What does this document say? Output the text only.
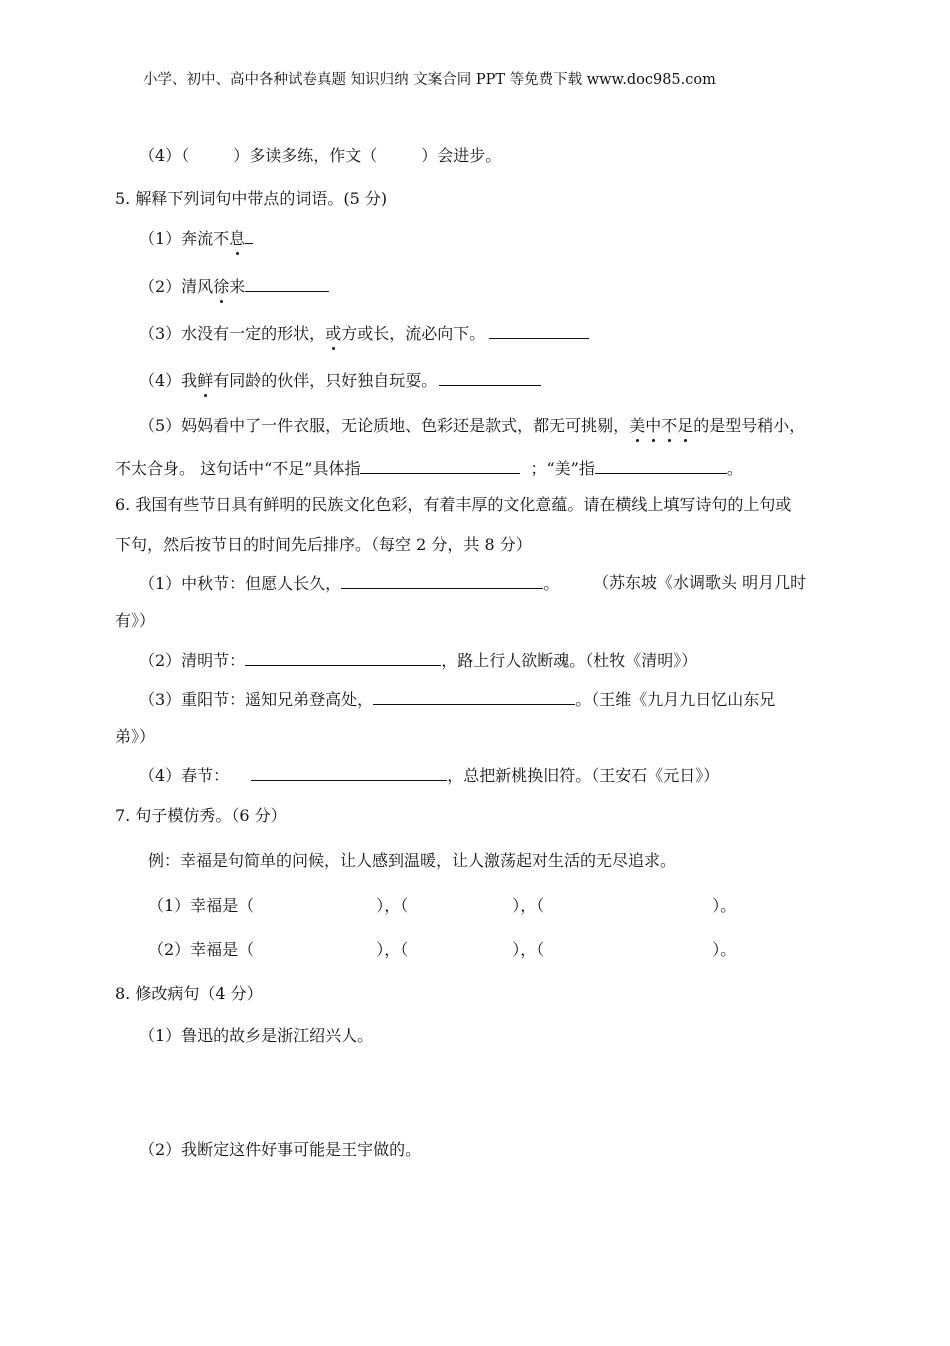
小学、初中、高中各种试卷真题 知识归纳 文案合同 PPT 等免费下载 www.doc985.com
（4）（	）多读多练，作文（	）会进步。
5. 解释下列词句中带点的词语。(5 分)
（1）奔流不息
（2）清风徐来
（3）水没有一定的形状，或方或长，流必向下。
（4）我鲜有同龄的伙伴，只好独自玩耍。
（5）妈妈看中了一件衣服，无论质地、色彩还是款式，都无可挑剔，美中不足的是型号稍小，
不太合身。 这句话中“不足”具体指	；“美”指	。
6. 我国有些节日具有鲜明的民族文化色彩，有着丰厚的文化意蕴。请在横线上填写诗句的上句或
下句，然后按节日的时间先后排序。（每空 2 分，共 8 分）
（1）中秋节：但愿人长久，	。 （苏东坡《水调歌头 明月几时
有》）
（2）清明节：	，路上行人欲断魂。（杜牧《清明》）
（3）重阳节：遥知兄弟登高处，	。（王维《九月九日忆山东兄
弟》）
（4）春节：	，总把新桃换旧符。（王安石《元日》）
7. 句子模仿秀。（6 分）
例：幸福是句简单的问候，让人感到温暖，让人激荡起对生活的无尽追求。
（1）幸福是（	），（	），（	）。
（2）幸福是（	），（	），（	）。
8. 修改病句（4 分）
（1）鲁迅的故乡是浙江绍兴人。
（2）我断定这件好事可能是王宇做的。
